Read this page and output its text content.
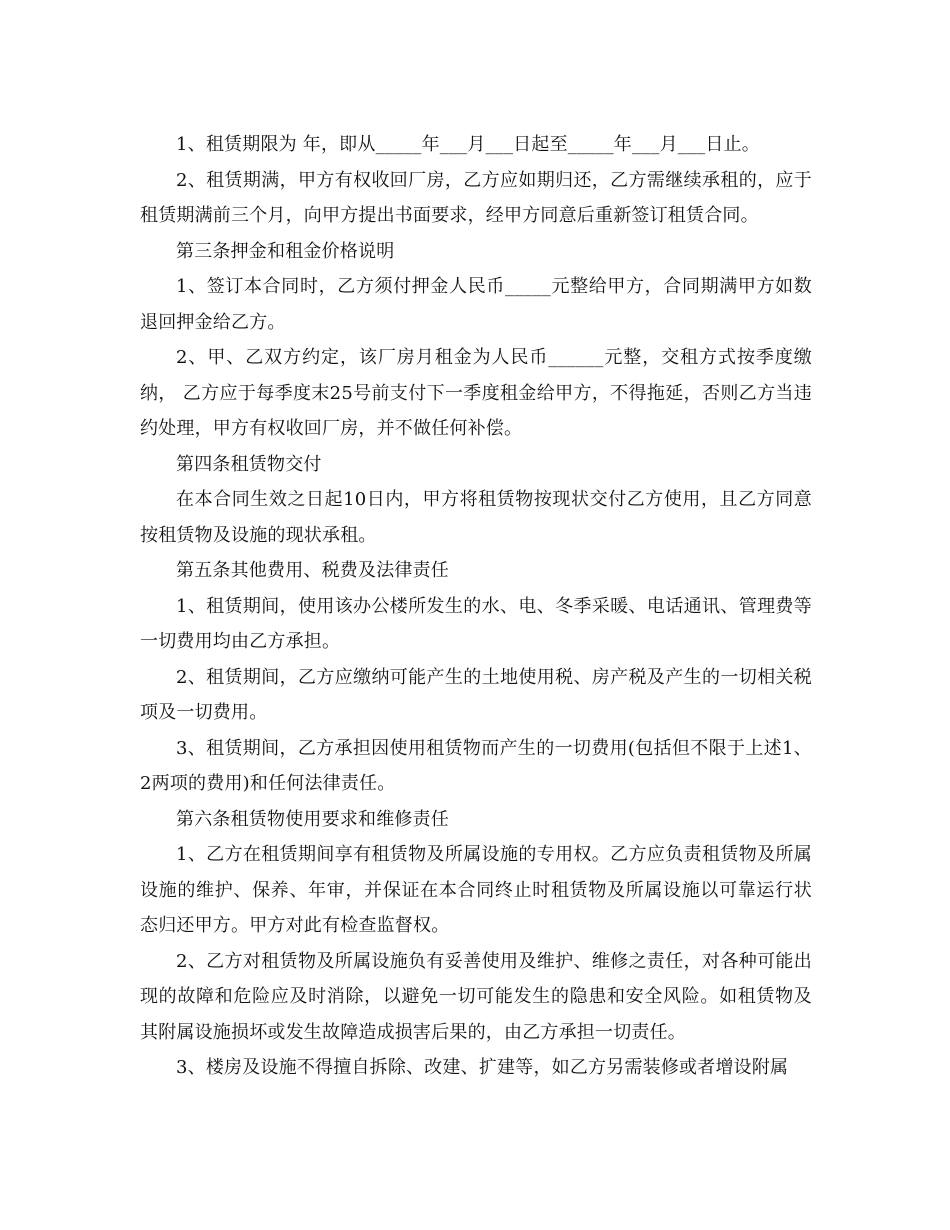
1、租赁期限为 年，即从_____年___月___日起至_____年___月___日止。

2、租赁期满，甲方有权收回厂房，乙方应如期归还，乙方需继续承租的，应于租赁期满前三个月，向甲方提出书面要求，经甲方同意后重新签订租赁合同。

第三条押金和租金价格说明

1、签订本合同时，乙方须付押金人民币_____元整给甲方，合同期满甲方如数退回押金给乙方。

2、甲、乙双方约定，该厂房月租金为人民币______元整，交租方式按季度缴纳， 乙方应于每季度末25号前支付下一季度租金给甲方，不得拖延，否则乙方当违约处理，甲方有权收回厂房，并不做任何补偿。

第四条租赁物交付

在本合同生效之日起10日内，甲方将租赁物按现状交付乙方使用，且乙方同意按租赁物及设施的现状承租。

第五条其他费用、税费及法律责任

1、租赁期间，使用该办公楼所发生的水、电、冬季采暖、电话通讯、管理费等一切费用均由乙方承担。

2、租赁期间，乙方应缴纳可能产生的土地使用税、房产税及产生的一切相关税项及一切费用。

3、租赁期间，乙方承担因使用租赁物而产生的一切费用(包括但不限于上述1、2两项的费用)和任何法律责任。

第六条租赁物使用要求和维修责任

1、乙方在租赁期间享有租赁物及所属设施的专用权。乙方应负责租赁物及所属设施的维护、保养、年审，并保证在本合同终止时租赁物及所属设施以可靠运行状态归还甲方。甲方对此有检查监督权。

2、乙方对租赁物及所属设施负有妥善使用及维护、维修之责任，对各种可能出现的故障和危险应及时消除，以避免一切可能发生的隐患和安全风险。如租赁物及其附属设施损坏或发生故障造成损害后果的，由乙方承担一切责任。

3、楼房及设施不得擅自拆除、改建、扩建等，如乙方另需装修或者增设附属
